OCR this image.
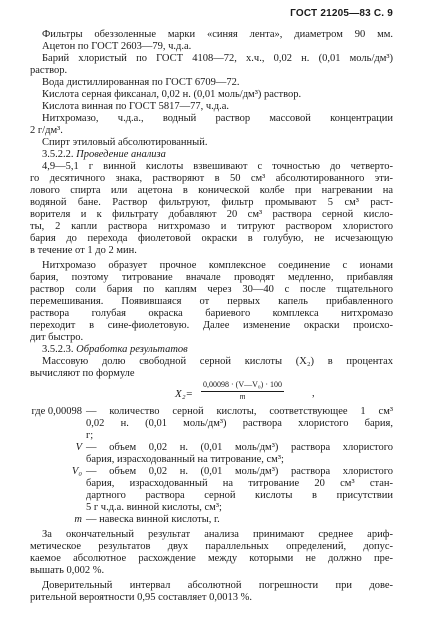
ГОСТ 21205—83 С. 9
Фильтры обеззоленные марки «синяя лента», диаметром 90 мм.
Ацетон по ГОСТ 2603—79, ч.д.а.
Барий хлористый по ГОСТ 4108—72, х.ч., 0,02 н. (0,01 моль/дм³)
раствор.
Вода дистиллированная по ГОСТ 6709—72.
Кислота серная фиксанал, 0,02 н. (0,01 моль/дм³) раствор.
Кислота винная по ГОСТ 5817—77, ч.д.а.
Нитхромазо, ч.д.а., водный раствор массовой концентрации
2 г/дм³.
Спирт этиловый абсолютированный.
3.5.2.2. Проведение анализа
4,9—5,1 г винной кислоты взвешивают с точностью до четверто-
го десятичного знака, растворяют в 50 см³ абсолютированного эти-
лового спирта или ацетона в конической колбе при нагревании на
водяной бане. Раствор фильтруют, фильтр промывают 5 см³ раст-
ворителя и к фильтрату добавляют 20 см³ раствора серной кисло-
ты, 2 капли раствора нитхромазо и титруют раствором хлористого
бария до перехода фиолетовой окраски в голубую, не исчезающую
в течение от 1 до 2 мин.
Нитхромазо образует прочное комплексное соединение с ионами
бария, поэтому титрование вначале проводят медленно, прибавляя
раствор соли бария по каплям через 30—40 с после тщательного
перемешивания. Появившаяся от первых капель прибавленного
раствора голубая окраска бариевого комплекса нитхромазо
переходит в сине-фиолетовую. Далее изменение окраски происхо-
дит быстро.
3.5.2.3. Обработка результатов
Массовую долю свободной серной кислоты (X₂) в процентах
вычисляют по формуле
$X_2= \frac{\text{0,00098 · (V—V₀) · 100}}{m}$	,
где 0,00098 — количество серной кислоты, соответствующее 1 см³
0,02 н. (0,01 моль/дм³) раствора хлористого бария,
г;
V — объем 0,02 н. (0,01 моль/дм³) раствора хлористого
бария, израсходованный на титрование, см³;
V₀ — объем 0,02 н. (0,01 моль/дм³) раствора хлористого
бария, израсходованный на титрование 20 см³ стан-
дартного раствора серной кислоты в присутствии
5 г ч.д.а. винной кислоты, см³;
m — навеска винной кислоты, г.
За окончательный результат анализа принимают среднее ариф-
метическое результатов двух параллельных определений, допус-
каемое абсолютное расхождение между которыми не должно пре-
вышать 0,002 %.
Доверительный интервал абсолютной погрешности при дове-
рительной вероятности 0,95 составляет 0,0013 %.
